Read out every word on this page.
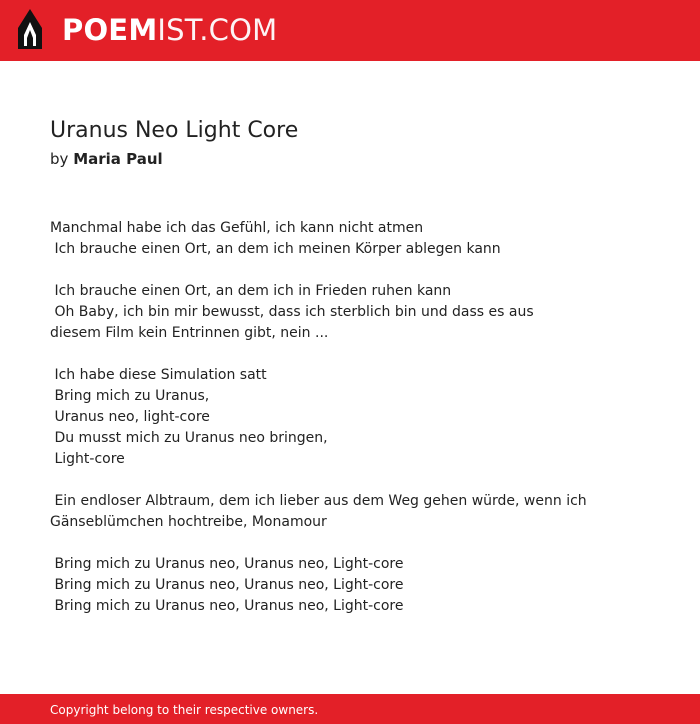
POEMIST.COM
Uranus Neo Light Core
by Maria Paul
Manchmal habe ich das Gefühl, ich kann nicht atmen
Ich brauche einen Ort, an dem ich meinen Körper ablegen kann
Ich brauche einen Ort, an dem ich in Frieden ruhen kann
Oh Baby, ich bin mir bewusst, dass ich sterblich bin und dass es aus
diesem Film kein Entrinnen gibt, nein ...
Ich habe diese Simulation satt
Bring mich zu Uranus,
Uranus neo, light-core
Du musst mich zu Uranus neo bringen,
Light-core
Ein endloser Albtraum, dem ich lieber aus dem Weg gehen würde, wenn ich
Gänseblümchen hochtreibe, Monamour
Bring mich zu Uranus neo, Uranus neo, Light-core
Bring mich zu Uranus neo, Uranus neo, Light-core
Bring mich zu Uranus neo, Uranus neo, Light-core
Copyright belong to their respective owners.
